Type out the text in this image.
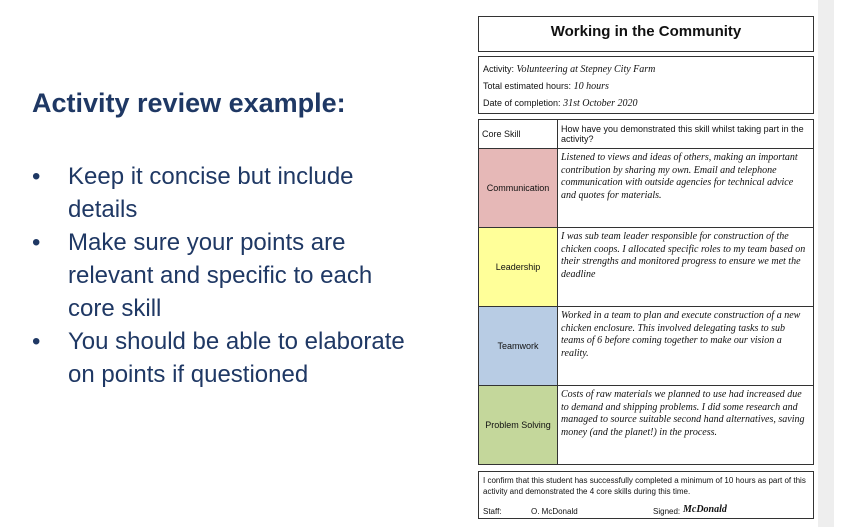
Activity review example:
• Keep it concise but include details
• Make sure your points are relevant and specific to each core skill
• You should be able to elaborate on points if questioned
Working in the Community
Activity: Volunteering at Stepney City Farm
Total estimated hours: 10 hours
Date of completion: 31st October 2020
Core Skill	How have you demonstrated this skill whilst taking part in the activity?
Communication	Listened to views and ideas of others, making an important contribution by sharing my own. Email and telephone communication with outside agencies for technical advice and quotes for materials.
Leadership	I was sub team leader responsible for construction of the chicken coops. I allocated specific roles to my team based on their strengths and monitored progress to ensure we met the deadline
Teamwork	Worked in a team to plan and execute construction of a new chicken enclosure. This involved delegating tasks to sub teams of 6 before coming together to make our vision a reality.
Problem Solving	Costs of raw materials we planned to use had increased due to demand and shipping problems. I did some research and managed to source suitable second hand alternatives, saving money (and the planet!) in the process.
I confirm that this student has successfully completed a minimum of 10 hours as part of this activity and demonstrated the 4 core skills during this time.
Staff:	O. McDonald	Signed: McDonald
